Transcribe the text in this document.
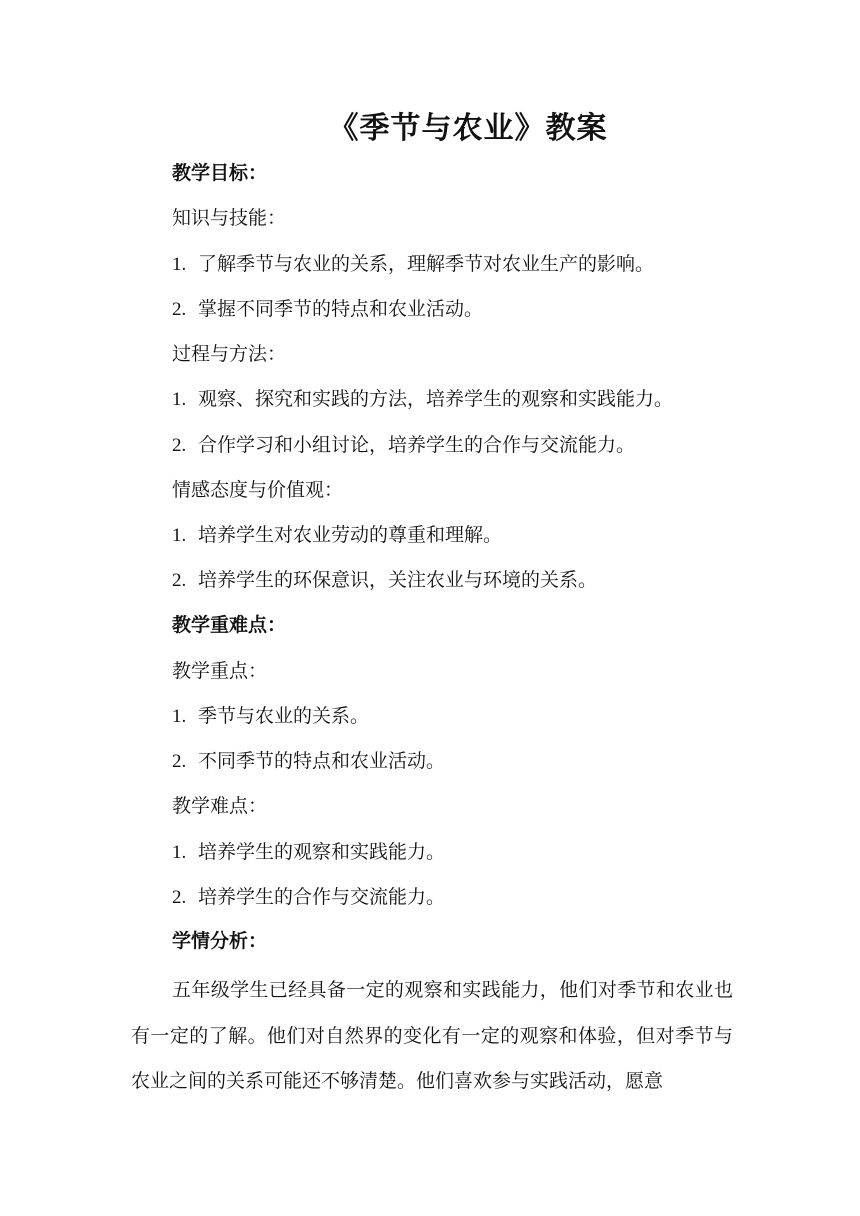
《季节与农业》教案
教学目标：
知识与技能：
1. 了解季节与农业的关系，理解季节对农业生产的影响。
2. 掌握不同季节的特点和农业活动。
过程与方法：
1. 观察、探究和实践的方法，培养学生的观察和实践能力。
2. 合作学习和小组讨论，培养学生的合作与交流能力。
情感态度与价值观：
1. 培养学生对农业劳动的尊重和理解。
2. 培养学生的环保意识，关注农业与环境的关系。
教学重难点：
教学重点：
1. 季节与农业的关系。
2. 不同季节的特点和农业活动。
教学难点：
1. 培养学生的观察和实践能力。
2. 培养学生的合作与交流能力。
学情分析：
五年级学生已经具备一定的观察和实践能力，他们对季节和农业也有一定的了解。他们对自然界的变化有一定的观察和体验，但对季节与农业之间的关系可能还不够清楚。他们喜欢参与实践活动，愿意
